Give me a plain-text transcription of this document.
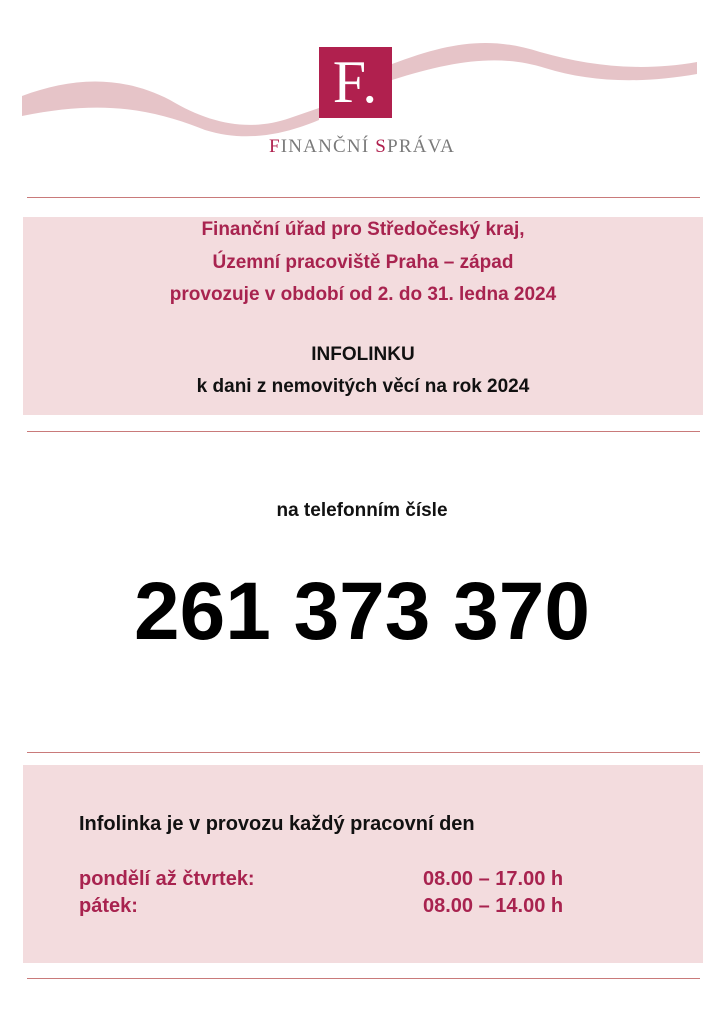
F.
FINANČNÍ SPRÁVA
Finanční úřad pro Středočeský kraj,
Územní pracoviště Praha – západ
provozuje v období od 2. do 31. ledna 2024
INFOLINKU
k dani z nemovitých věcí na rok 2024
na telefonním čísle
261 373 370
Infolinka je v provozu každý pracovní den
pondělí až čtvrtek:	08.00 – 17.00 h
pátek:	08.00 – 14.00 h
